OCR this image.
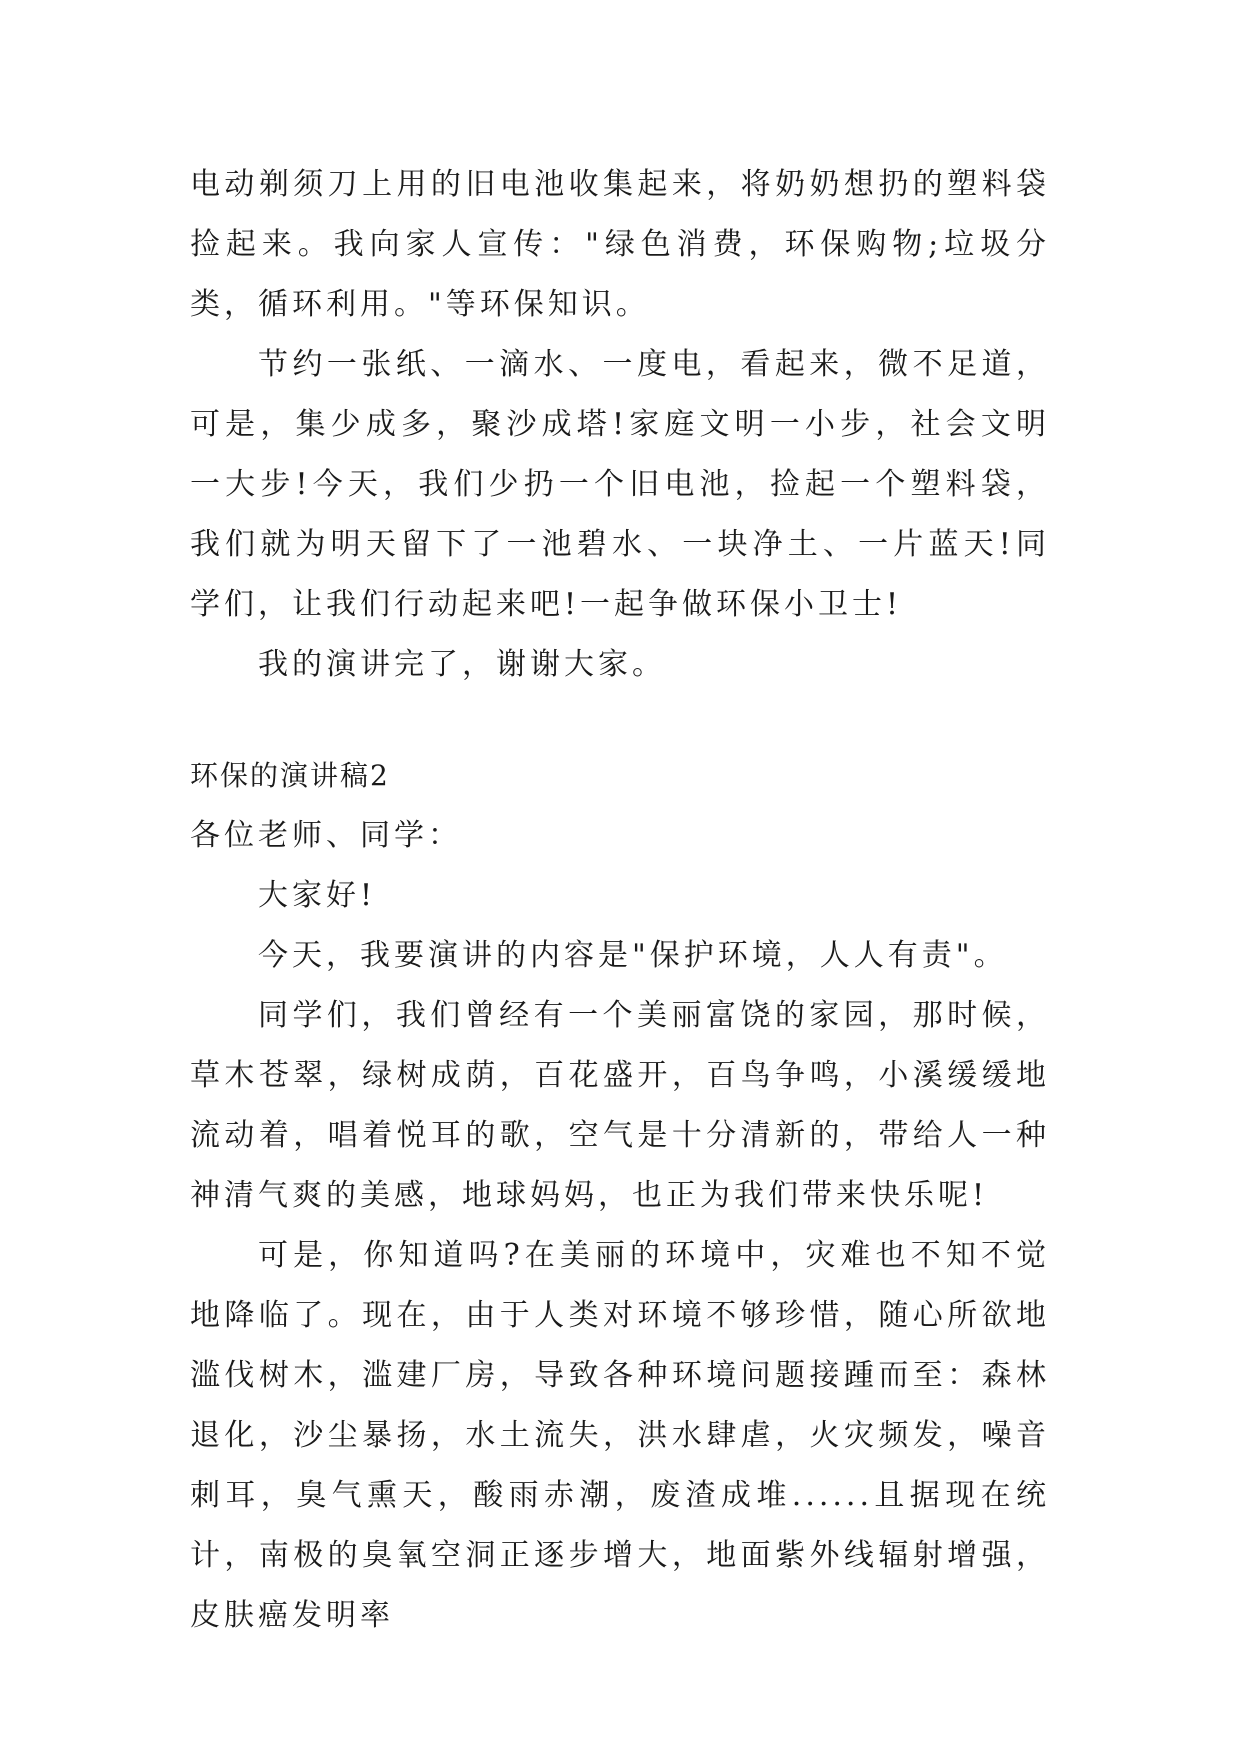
电动剃须刀上用的旧电池收集起来，将奶奶想扔的塑料袋捡起来。我向家人宣传："绿色消费，环保购物;垃圾分类，循环利用。"等环保知识。

节约一张纸、一滴水、一度电，看起来，微不足道，可是，集少成多，聚沙成塔!家庭文明一小步，社会文明一大步!今天，我们少扔一个旧电池，捡起一个塑料袋，我们就为明天留下了一池碧水、一块净土、一片蓝天!同学们，让我们行动起来吧!一起争做环保小卫士!

我的演讲完了，谢谢大家。

环保的演讲稿2

各位老师、同学：

大家好!

今天，我要演讲的内容是"保护环境，人人有责"。

同学们，我们曾经有一个美丽富饶的家园，那时候，草木苍翠，绿树成荫，百花盛开，百鸟争鸣，小溪缓缓地流动着，唱着悦耳的歌，空气是十分清新的，带给人一种神清气爽的美感，地球妈妈，也正为我们带来快乐呢!

可是，你知道吗?在美丽的环境中，灾难也不知不觉地降临了。现在，由于人类对环境不够珍惜，随心所欲地滥伐树木，滥建厂房，导致各种环境问题接踵而至：森林退化，沙尘暴扬，水土流失，洪水肆虐，火灾频发，噪音刺耳，臭气熏天，酸雨赤潮，废渣成堆......且据现在统计，南极的臭氧空洞正逐步增大，地面紫外线辐射增强，皮肤癌发明率
